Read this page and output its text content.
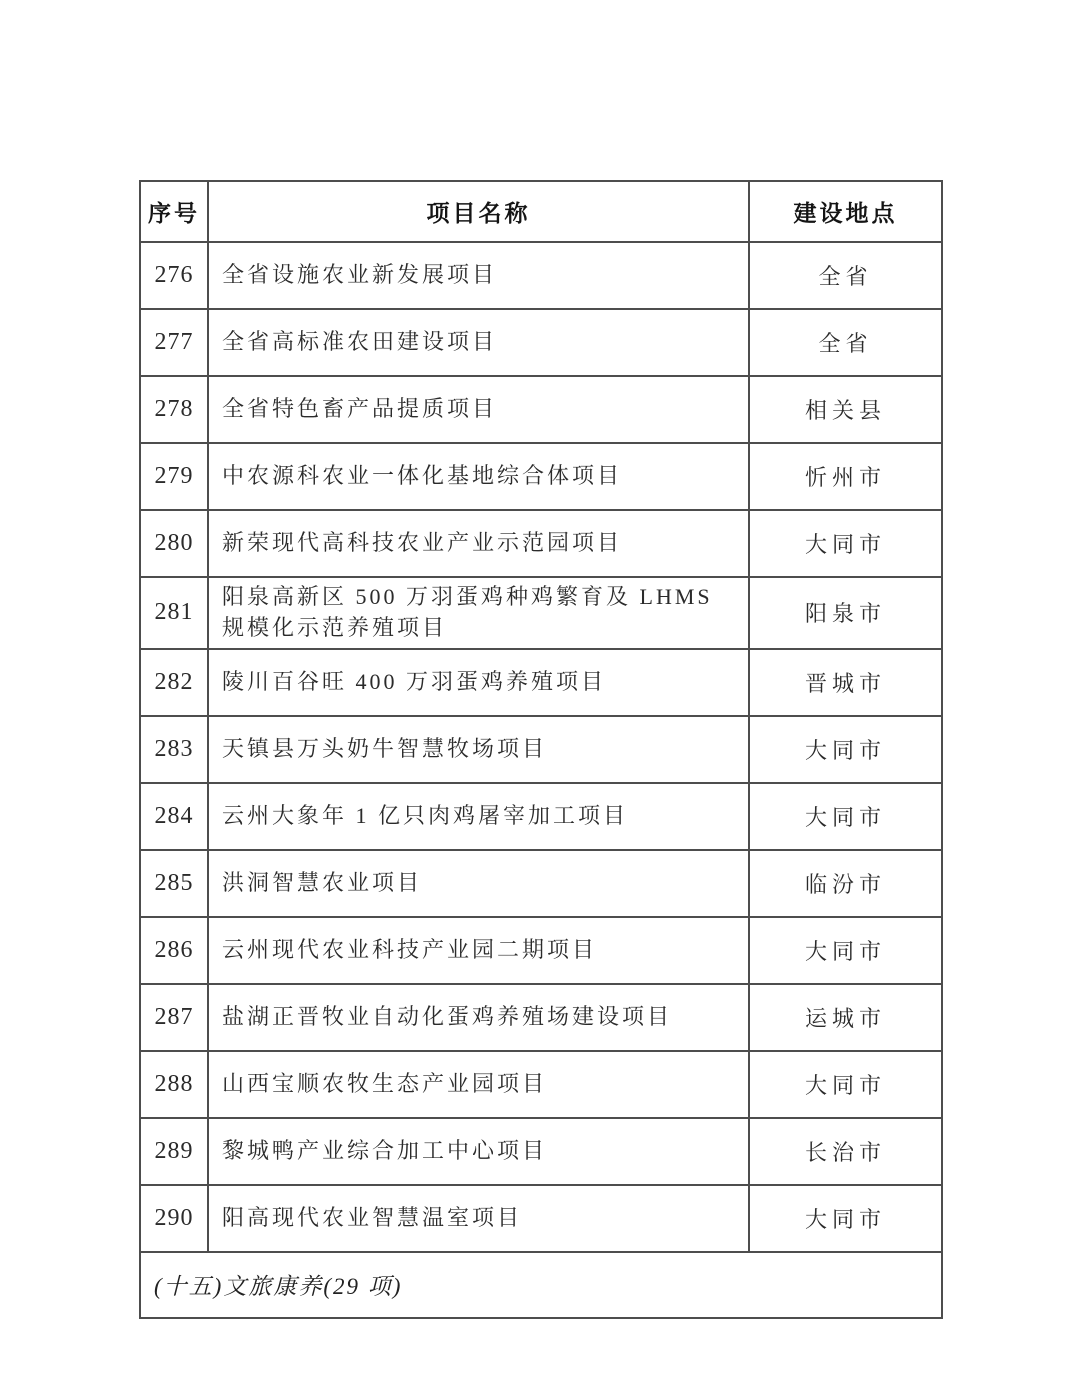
序号	项目名称	建设地点
276	全省设施农业新发展项目	全省
277	全省高标准农田建设项目	全省
278	全省特色畜产品提质项目	相关县
279	中农源科农业一体化基地综合体项目	忻州市
280	新荣现代高科技农业产业示范园项目	大同市
281	阳泉高新区 500 万羽蛋鸡种鸡繁育及 LHMS 规模化示范养殖项目	阳泉市
282	陵川百谷旺 400 万羽蛋鸡养殖项目	晋城市
283	天镇县万头奶牛智慧牧场项目	大同市
284	云州大象年 1 亿只肉鸡屠宰加工项目	大同市
285	洪洞智慧农业项目	临汾市
286	云州现代农业科技产业园二期项目	大同市
287	盐湖正晋牧业自动化蛋鸡养殖场建设项目	运城市
288	山西宝顺农牧生态产业园项目	大同市
289	黎城鸭产业综合加工中心项目	长治市
290	阳高现代农业智慧温室项目	大同市
(十五)文旅康养(29 项)		
